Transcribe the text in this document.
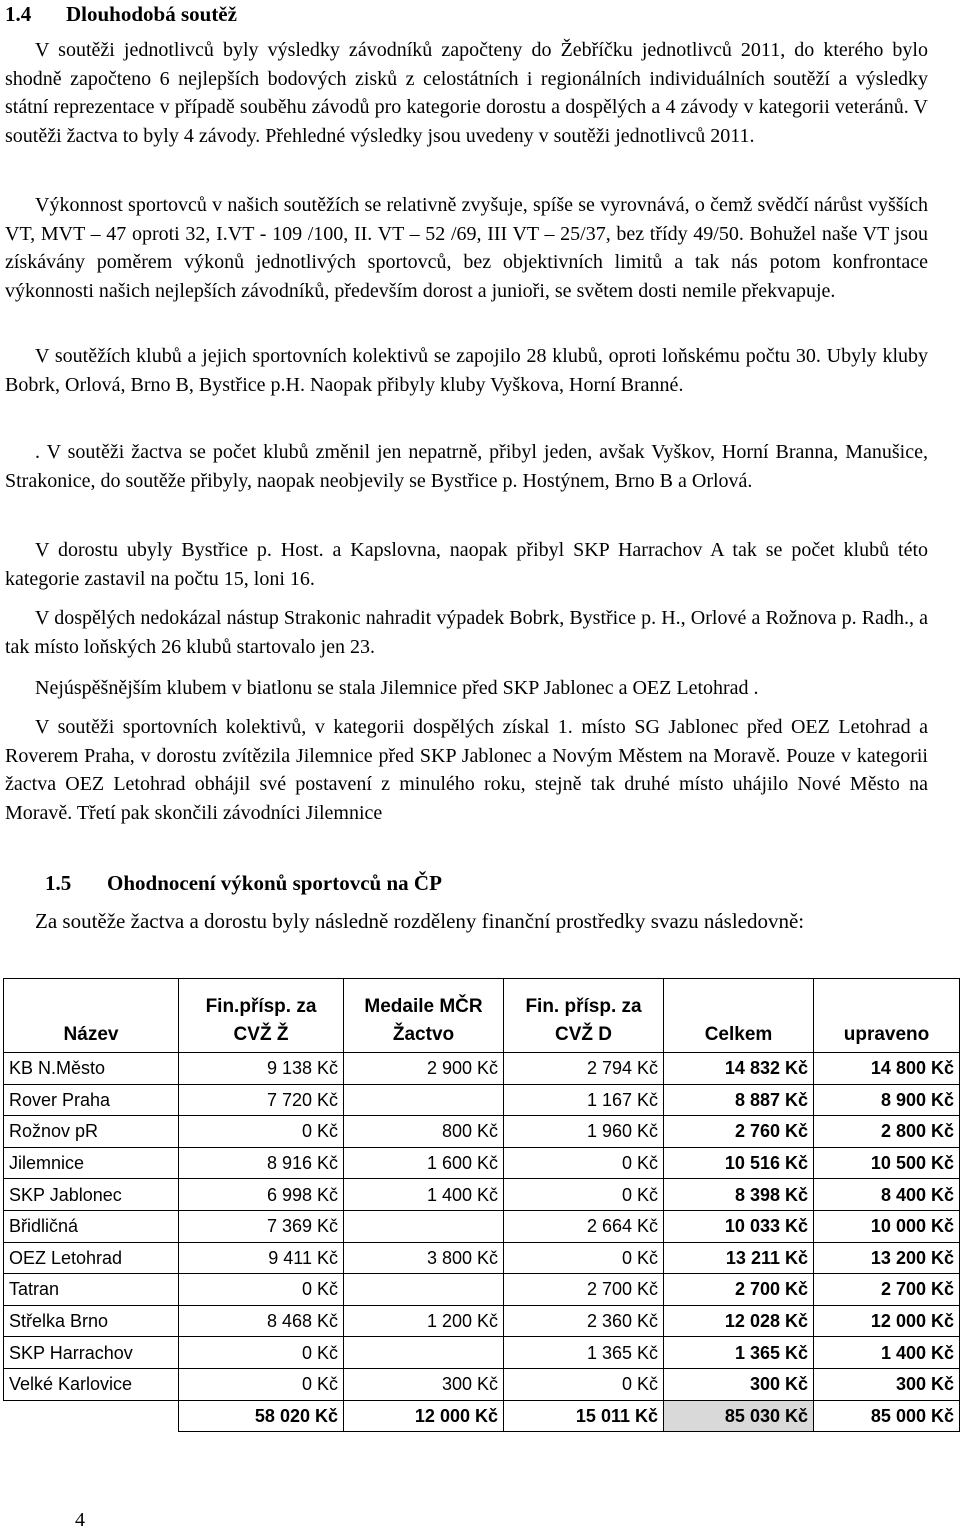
1.4 Dlouhodobá soutěž

V soutěži jednotlivců byly výsledky závodníků započteny do Žebříčku jednotlivců 2011, do kterého bylo shodně započteno 6 nejlepších bodových zisků z celostátních i regionálních individuálních soutěží a výsledky státní reprezentace v případě souběhu závodů pro kategorie dorostu a dospělých a 4 závody v kategorii veteránů. V soutěži žactva to byly 4 závody. Přehledné výsledky jsou uvedeny v soutěži jednotlivců 2011.

Výkonnost sportovců v našich soutěžích se relativně zvyšuje, spíše se vyrovnává, o čemž svědčí nárůst vyšších VT, MVT – 47 oproti 32, I.VT - 109 /100, II. VT – 52 /69, III VT – 25/37, bez třídy 49/50. Bohužel naše VT jsou získávány poměrem výkonů jednotlivých sportovců, bez objektivních limitů a tak nás potom konfrontace výkonnosti našich nejlepších závodníků, především dorost a junioři, se světem dosti nemile překvapuje.

V soutěžích klubů a jejich sportovních kolektivů se zapojilo 28 klubů, oproti loňskému počtu 30. Ubyly kluby Bobrk, Orlová, Brno B, Bystřice p.H. Naopak přibyly kluby Vyškova, Horní Branné.

. V soutěži žactva se počet klubů změnil jen nepatrně, přibyl jeden, avšak Vyškov, Horní Branna, Manušice, Strakonice, do soutěže přibyly, naopak neobjevily se Bystřice p. Hostýnem, Brno B a Orlová.

V dorostu ubyly Bystřice p. Host. a Kapslovna, naopak přibyl SKP Harrachov A tak se počet klubů této kategorie zastavil na počtu 15, loni 16.

V dospělých nedokázal nástup Strakonic nahradit výpadek Bobrk, Bystřice p. H., Orlové a Rožnova p. Radh., a tak místo loňských 26 klubů startovalo jen 23.

Nejúspěšnějším klubem v biatlonu se stala Jilemnice před SKP Jablonec a OEZ Letohrad .

V soutěži sportovních kolektivů, v kategorii dospělých získal 1. místo SG Jablonec před OEZ Letohrad a Roverem Praha, v dorostu zvítězila Jilemnice před SKP Jablonec a Novým Městem na Moravě. Pouze v kategorii žactva OEZ Letohrad obhájil své postavení z minulého roku, stejně tak druhé místo uhájilo Nové Město na Moravě. Třetí pak skončili závodníci Jilemnice

1.5 Ohodnocení výkonů sportovců na ČP

Za soutěže žactva a dorostu byly následně rozděleny finanční prostředky svazu následovně:

Název	Fin.přísp. za CVŽ Ž	Medaile MČR Žactvo	Fin. přísp. za CVŽ D	Celkem	upraveno
KB N.Město	9 138 Kč	2 900 Kč	2 794 Kč	14 832 Kč	14 800 Kč
Rover Praha	7 720 Kč		1 167 Kč	8 887 Kč	8 900 Kč
Rožnov pR	0 Kč	800 Kč	1 960 Kč	2 760 Kč	2 800 Kč
Jilemnice	8 916 Kč	1 600 Kč	0 Kč	10 516 Kč	10 500 Kč
SKP Jablonec	6 998 Kč	1 400 Kč	0 Kč	8 398 Kč	8 400 Kč
Břidličná	7 369 Kč		2 664 Kč	10 033 Kč	10 000 Kč
OEZ Letohrad	9 411 Kč	3 800 Kč	0 Kč	13 211 Kč	13 200 Kč
Tatran	0 Kč		2 700 Kč	2 700 Kč	2 700 Kč
Střelka Brno	8 468 Kč	1 200 Kč	2 360 Kč	12 028 Kč	12 000 Kč
SKP Harrachov	0 Kč		1 365 Kč	1 365 Kč	1 400 Kč
Velké Karlovice	0 Kč	300 Kč	0 Kč	300 Kč	300 Kč
	58 020 Kč	12 000 Kč	15 011 Kč	85 030 Kč	85 000 Kč
4
